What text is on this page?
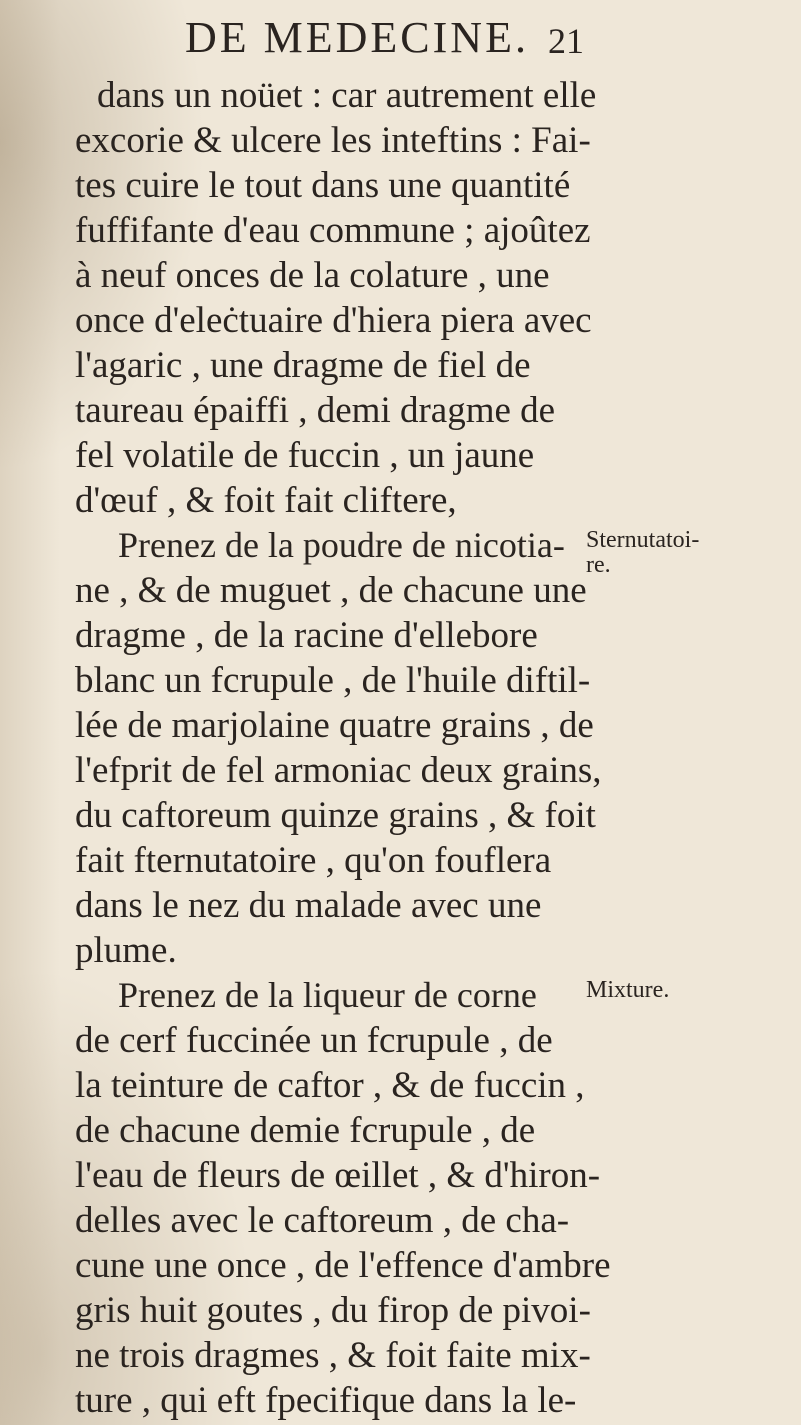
DE MEDECINE. 21
dans un noüet : car autrement elle
excorie & ulcere les inteftins : Fai-
tes cuire le tout dans une quantité
fuffifante d'eau commune ; ajoûtez
à neuf onces de la colature , une
once d'eleċtuaire d'hiera piera avec
l'agaric , une dragme de fiel de
taureau épaiffi , demi dragme de
fel volatile de fuccin , un jaune
d'œuf , & foit fait cliftere,
Prenez de la poudre de nicotia-
ne , & de muguet , de chacune une
dragme , de la racine d'ellebore
blanc un fcrupule , de l'huile diftil-
lée de marjolaine quatre grains , de
l'efprit de fel armoniac deux grains,
du caftoreum quinze grains , & foit
fait fternutatoire , qu'on fouflera
dans le nez du malade avec une
plume.
Prenez de la liqueur de corne
de cerf fuccinée un fcrupule , de
la teinture de caftor , & de fuccin ,
de chacune demie fcrupule , de
l'eau de fleurs de œillet , & d'hiron-
delles avec le caftoreum , de cha-
cune une once , de l'effence d'ambre
gris huit goutes , du firop de pivoi-
ne trois dragmes , & foit faite mix-
ture , qui eft fpecifique dans la le-
Sternutatoi-
re.
Mixture.
